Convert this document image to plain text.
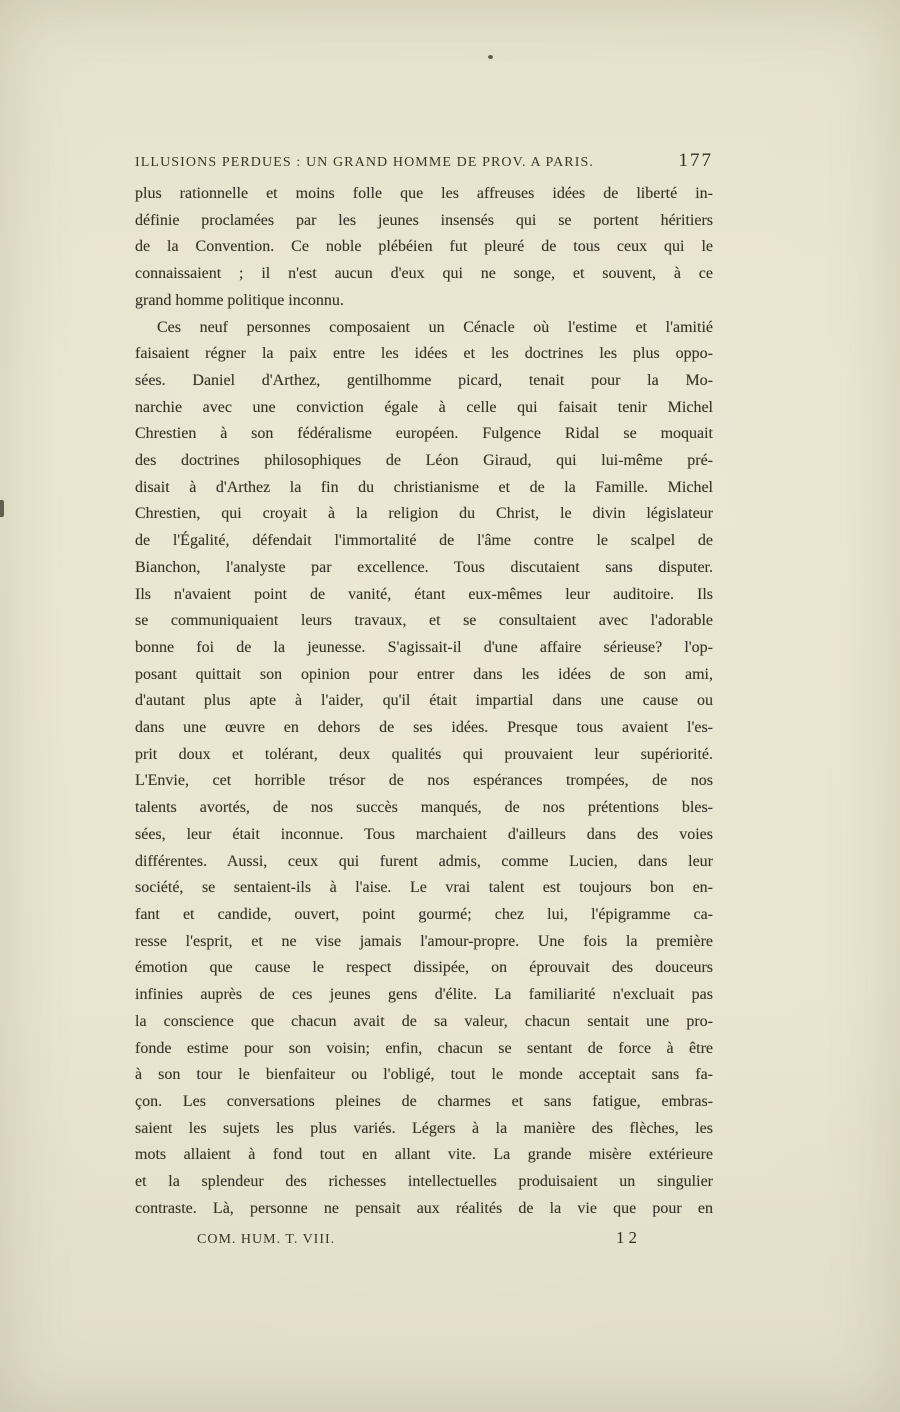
ILLUSIONS PERDUES : UN GRAND HOMME DE PROV. A PARIS.	177
plus rationnelle et moins folle que les affreuses idées de liberté in-
définie proclamées par les jeunes insensés qui se portent héritiers
de la Convention. Ce noble plébéien fut pleuré de tous ceux qui le
connaissaient ; il n'est aucun d'eux qui ne songe, et souvent, à ce
grand homme politique inconnu.
Ces neuf personnes composaient un Cénacle où l'estime et l'amitié
faisaient régner la paix entre les idées et les doctrines les plus oppo-
sées. Daniel d'Arthez, gentilhomme picard, tenait pour la Mo-
narchie avec une conviction égale à celle qui faisait tenir Michel
Chrestien à son fédéralisme européen. Fulgence Ridal se moquait
des doctrines philosophiques de Léon Giraud, qui lui-même pré-
disait à d'Arthez la fin du christianisme et de la Famille. Michel
Chrestien, qui croyait à la religion du Christ, le divin législateur
de l'Égalité, défendait l'immortalité de l'âme contre le scalpel de
Bianchon, l'analyste par excellence. Tous discutaient sans disputer.
Ils n'avaient point de vanité, étant eux-mêmes leur auditoire. Ils
se communiquaient leurs travaux, et se consultaient avec l'adorable
bonne foi de la jeunesse. S'agissait-il d'une affaire sérieuse? l'op-
posant quittait son opinion pour entrer dans les idées de son ami,
d'autant plus apte à l'aider, qu'il était impartial dans une cause ou
dans une œuvre en dehors de ses idées. Presque tous avaient l'es-
prit doux et tolérant, deux qualités qui prouvaient leur supériorité.
L'Envie, cet horrible trésor de nos espérances trompées, de nos
talents avortés, de nos succès manqués, de nos prétentions bles-
sées, leur était inconnue. Tous marchaient d'ailleurs dans des voies
différentes. Aussi, ceux qui furent admis, comme Lucien, dans leur
société, se sentaient-ils à l'aise. Le vrai talent est toujours bon en-
fant et candide, ouvert, point gourmé; chez lui, l'épigramme ca-
resse l'esprit, et ne vise jamais l'amour-propre. Une fois la première
émotion que cause le respect dissipée, on éprouvait des douceurs
infinies auprès de ces jeunes gens d'élite. La familiarité n'excluait pas
la conscience que chacun avait de sa valeur, chacun sentait une pro-
fonde estime pour son voisin; enfin, chacun se sentant de force à être
à son tour le bienfaiteur ou l'obligé, tout le monde acceptait sans fa-
çon. Les conversations pleines de charmes et sans fatigue, embras-
saient les sujets les plus variés. Légers à la manière des flèches, les
mots allaient à fond tout en allant vite. La grande misère extérieure
et la splendeur des richesses intellectuelles produisaient un singulier
contraste. Là, personne ne pensait aux réalités de la vie que pour en
COM. HUM. T. VIII.	12
